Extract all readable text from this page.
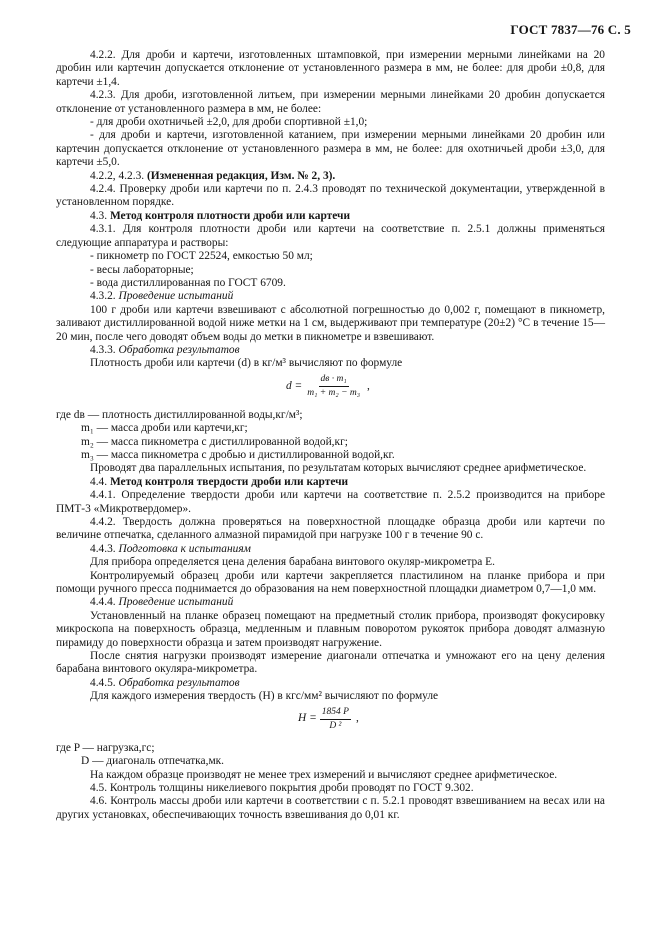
ГОСТ 7837—76 С. 5

4.2.2. Для дроби и картечи, изготовленных штамповкой, при измерении мерными линейками на 20 дробин или картечин допускается отклонение от установленного размера в мм, не более: для дроби ±0,8, для картечи ±1,4.

4.2.3. Для дроби, изготовленной литьем, при измерении мерными линейками 20 дробин допускается отклонение от установленного размера в мм, не более:

- для дроби охотничьей ±2,0, для дроби спортивной ±1,0;

- для дроби и картечи, изготовленной катанием, при измерении мерными линейками 20 дробин или картечин допускается отклонение от установленного размера в мм, не более: для охотничьей дроби ±3,0, для картечи ±5,0.

4.2.2, 4.2.3. (Измененная редакция, Изм. № 2, 3).

4.2.4. Проверку дроби или картечи по п. 2.4.3 проводят по технической документации, утвержденной в установленном порядке.

4.3. Метод контроля плотности дроби или картечи

4.3.1. Для контроля плотности дроби или картечи на соответствие п. 2.5.1 должны применяться следующие аппаратура и растворы:

- пикнометр по ГОСТ 22524, емкостью 50 мл;

- весы лабораторные;

- вода дистиллированная по ГОСТ 6709.

4.3.2. Проведение испытаний

100 г дроби или картечи взвешивают с абсолютной погрешностью до 0,002 г, помещают в пикнометр, заливают дистиллированной водой ниже метки на 1 см, выдерживают при температуре (20±2) °С в течение 15—20 мин, после чего доводят объем воды до метки в пикнометре и взвешивают.

4.3.3. Обработка результатов

Плотность дроби или картечи (d) в кг/м³ вычисляют по формуле

$d = \frac{\text{dв · m₁}}{\text{m₁ + m₂ − m₃}}$ ,

где dв — плотность дистиллированной воды,кг/м³;

m₁ — масса дроби или картечи,кг;

m₂ — масса пикнометра с дистиллированной водой,кг;

m₃ — масса пикнометра с дробью и дистиллированной водой,кг.

Проводят два параллельных испытания, по результатам которых вычисляют среднее арифметическое.

4.4. Метод контроля твердости дроби или картечи

4.4.1. Определение твердости дроби или картечи на соответствие п. 2.5.2 производится на приборе ПМТ-3 «Микротвердомер».

4.4.2. Твердость должна проверяться на поверхностной площадке образца дроби или картечи по величине отпечатка, сделанного алмазной пирамидой при нагрузке 100 г в течение 90 с.

4.4.3. Подготовка к испытаниям

Для прибора определяется цена деления барабана винтового окуляр-микрометра E.

Контролируемый образец дроби или картечи закрепляется пластилином на планке прибора и при помощи ручного пресса поднимается до образования на нем поверхностной площадки диаметром 0,7—1,0 мм.

4.4.4. Проведение испытаний

Установленный на планке образец помещают на предметный столик прибора, производят фокусировку микроскопа на поверхность образца, медленным и плавным поворотом рукояток прибора доводят алмазную пирамиду до поверхности образца и затем производят нагружение.

После снятия нагрузки производят измерение диагонали отпечатка и умножают его на цену деления барабана винтового окуляра-микрометра.

4.4.5. Обработка результатов

Для каждого измерения твердость (H) в кгс/мм² вычисляют по формуле

$H = \frac{1854 P}{\text{D ²}}$ ,

где P — нагрузка,гс;

D — диагональ отпечатка,мк.

На каждом образце производят не менее трех измерений и вычисляют среднее арифметическое.

4.5. Контроль толщины никелиевого покрытия дроби проводят по ГОСТ 9.302.

4.6. Контроль массы дроби или картечи в соответствии с п. 5.2.1 проводят взвешиванием на весах или на других установках, обеспечивающих точность взвешивания до 0,01 кг.
